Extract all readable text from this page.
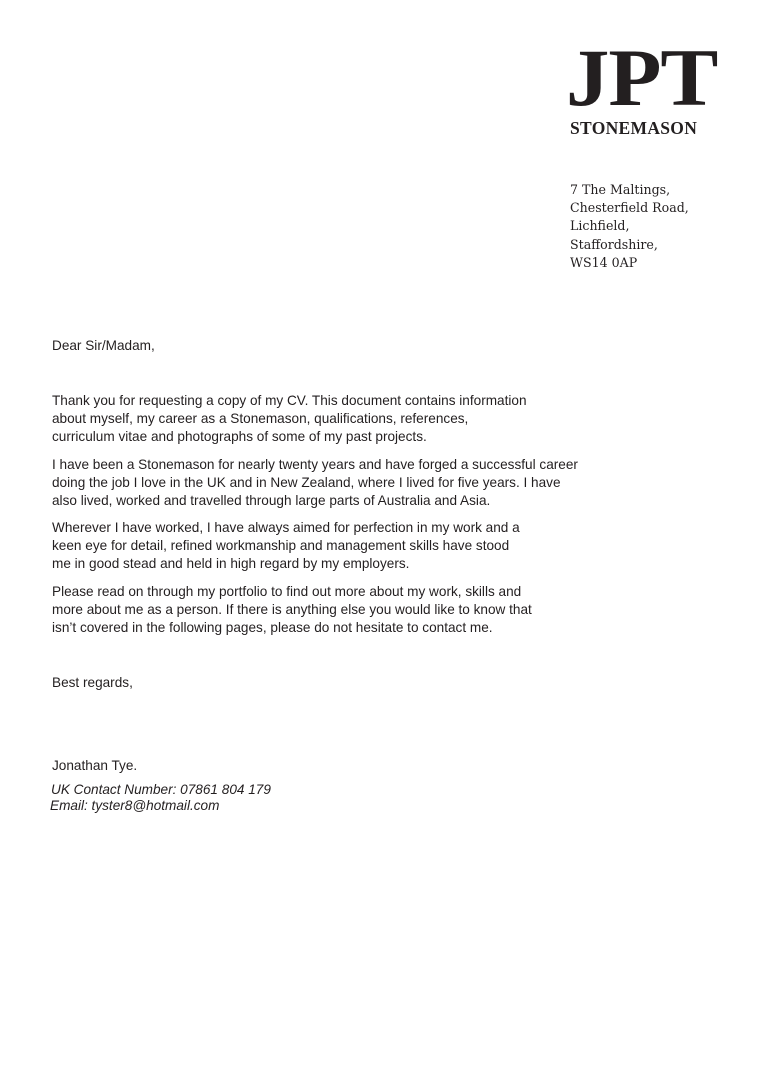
JPT
STONEMASON
7 The Maltings,
Chesterfield Road,
Lichfield,
Staffordshire,
WS14 0AP
Dear Sir/Madam,
Thank you for requesting a copy of my CV. This document contains information
about myself, my career as a Stonemason, qualifications, references,
curriculum vitae and photographs of some of my past projects.
I have been a Stonemason for nearly twenty years and have forged a successful career
doing the job I love in the UK and in New Zealand, where I lived for five years. I have
also lived, worked and travelled through large parts of Australia and Asia.
Wherever I have worked, I have always aimed for perfection in my work and a
keen eye for detail, refined workmanship and management skills have stood
me in good stead and held in high regard by my employers.
Please read on through my portfolio to find out more about my work, skills and
more about me as a person. If there is anything else you would like to know that
isn’t covered in the following pages, please do not hesitate to contact me.
Best regards,
Jonathan Tye.
UK Contact Number: 07861 804 179
Email: tyster8@hotmail.com
